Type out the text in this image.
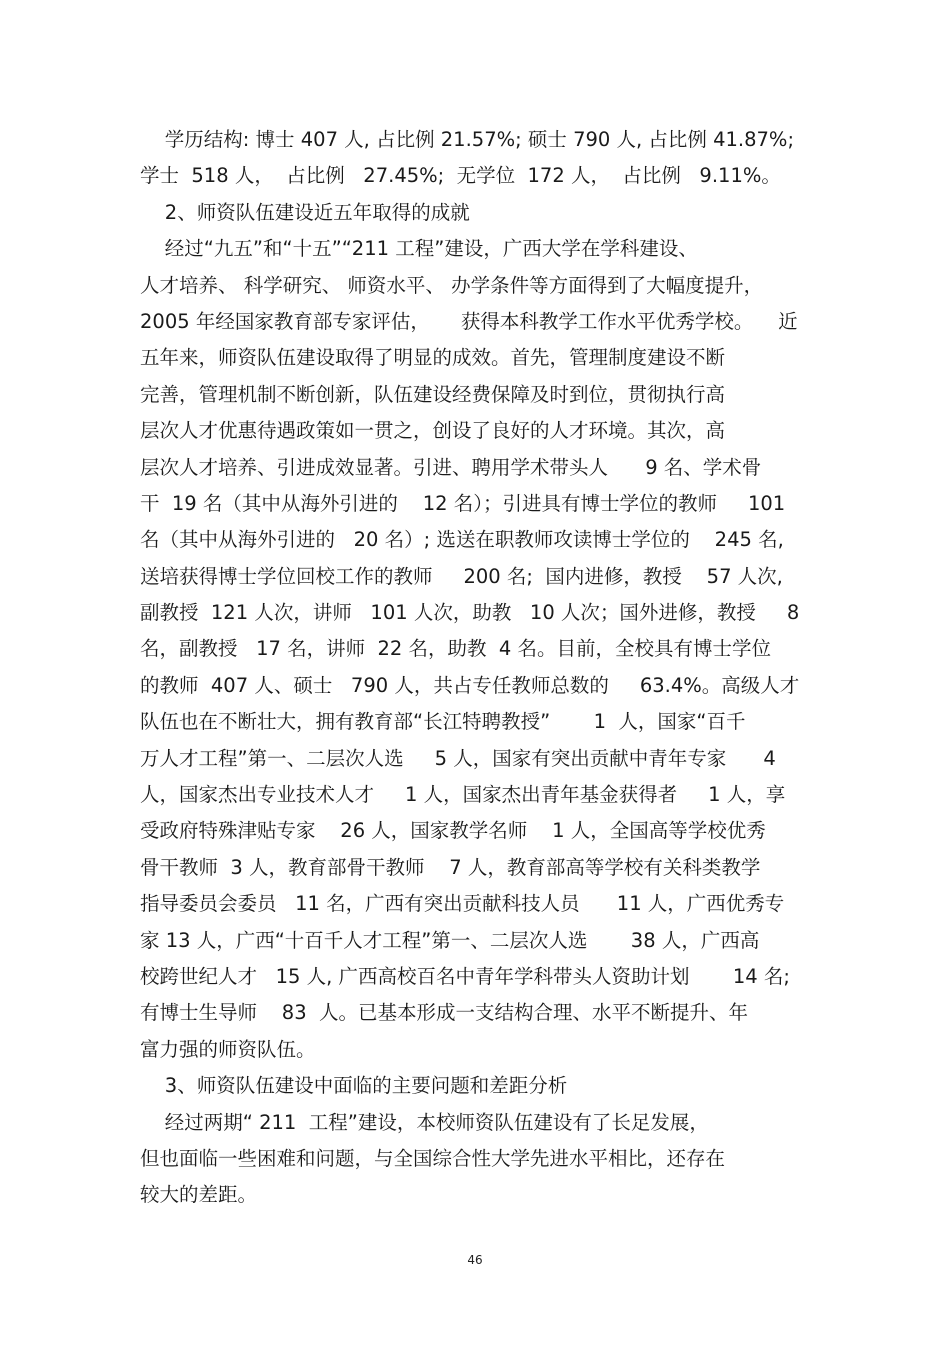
学历结构: 博士 407 人, 占比例 21.57%; 硕士 790 人, 占比例 41.87%;
学士  518 人，  占比例   27.45%;  无学位  172 人，  占比例   9.11%。
2、师资队伍建设近五年取得的成就
经过“九五”和“十五”“211 工程”建设，广西大学在学科建设、
人才培养、 科学研究、 师资水平、 办学条件等方面得到了大幅度提升，
2005 年经国家教育部专家评估，     获得本科教学工作水平优秀学校。    近
五年来，师资队伍建设取得了明显的成效。首先，管理制度建设不断
完善，管理机制不断创新，队伍建设经费保障及时到位，贯彻执行高
层次人才优惠待遇政策如一贯之，创设了良好的人才环境。其次，高
层次人才培养、引进成效显著。引进、聘用学术带头人      9 名、学术骨
干  19 名（其中从海外引进的    12 名）；引进具有博士学位的教师     101
名（其中从海外引进的   20 名）; 选送在职教师攻读博士学位的    245 名,
送培获得博士学位回校工作的教师     200 名;  国内进修，教授    57 人次,
副教授  121 人次，讲师   101 人次，助教   10 人次；国外进修，教授     8
名，副教授   17 名，讲师  22 名，助教  4 名。目前，全校具有博士学位
的教师  407 人、硕士   790 人，共占专任教师总数的     63.4%。高级人才
队伍也在不断壮大，拥有教育部“长江特聘教授”       1  人，国家“百千
万人才工程”第一、二层次人选     5 人，国家有突出贡献中青年专家      4
人，国家杰出专业技术人才     1 人，国家杰出青年基金获得者     1 人，享
受政府特殊津贴专家    26 人，国家教学名师    1 人，全国高等学校优秀
骨干教师  3 人，教育部骨干教师    7 人，教育部高等学校有关科类教学
指导委员会委员   11 名，广西有突出贡献科技人员      11 人，广西优秀专
家 13 人，广西“十百千人才工程”第一、二层次人选       38 人，广西高
校跨世纪人才   15 人, 广西高校百名中青年学科带头人资助计划       14 名;
有博士生导师    83  人。已基本形成一支结构合理、水平不断提升、年
富力强的师资队伍。
3、师资队伍建设中面临的主要问题和差距分析
经过两期“ 211  工程”建设，本校师资队伍建设有了长足发展，
但也面临一些困难和问题，与全国综合性大学先进水平相比，还存在
较大的差距。
46
